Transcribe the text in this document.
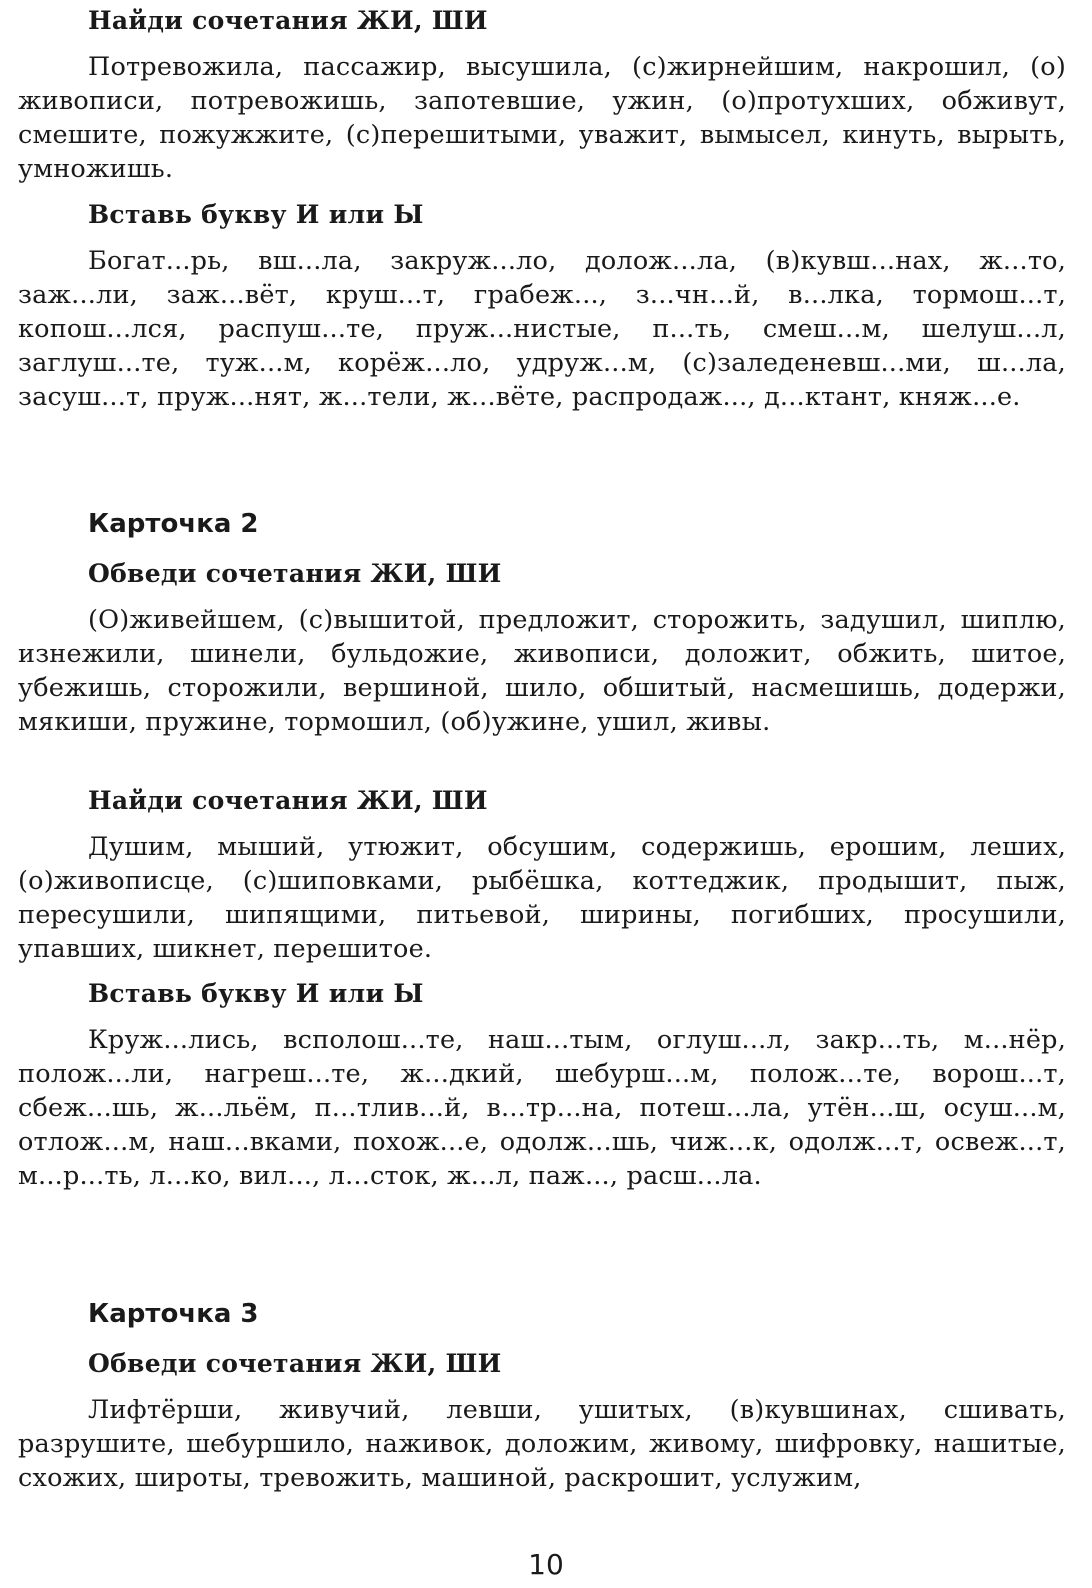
Найди сочетания ЖИ, ШИ

Потревожила, пассажир, высушила, (с)жирнейшим, накрошил, (о) живописи, потревожишь, запотевшие, ужин, (о)протухших, обживут, смешите, пожужжите, (с)перешитыми, уважит, вымысел, кинуть, вырыть, умножишь.

Вставь букву И или Ы

Богат...рь, вш...ла, закруж...ло, долож...ла, (в)кувш...нах, ж...то, заж...ли, заж...вёт, круш...т, грабеж..., з...чн...й, в...лка, тормош...т, копош...лся, распуш...те, пруж...нистые, п...ть, смеш...м, шелуш...л, заглуш...те, туж...м, корёж...ло, удруж...м, (с)заледеневш...ми, ш...ла, засуш...т, пруж...нят, ж...тели, ж...вёте, распродаж..., д...ктант, княж...е.

Карточка 2
Обведи сочетания ЖИ, ШИ

(О)живейшем, (с)вышитой, предложит, сторожить, задушил, шиплю, изнежили, шинели, бульдожие, живописи, доложит, обжить, шитое, убежишь, сторожили, вершиной, шило, обшитый, насмешишь, додержи, мякиши, пружине, тормошил, (об)ужине, ушил, живы.

Найди сочетания ЖИ, ШИ

Душим, мыший, утюжит, обсушим, содержишь, ерошим, леших, (о)живописце, (с)шиповками, рыбёшка, коттеджик, продышит, пыж, пересушили, шипящими, питьевой, ширины, погибших, просушили, упавших, шикнет, перешитое.

Вставь букву И или Ы

Круж...лись, вспoлош...те, наш...тым, оглуш...л, закр...ть, м...нёр, полож...ли, нагреш...те, ж...дкий, шебурш...м, полож...те, ворош...т, сбеж...шь, ж...льём, п...тлив...й, в...тр...на, потеш...ла, утён...ш, осуш...м, отлож...м, наш...вками, похож...е, одолж...шь, чиж...к, одолж...т, освеж...т, м...р...ть, л...ко, вил..., л...сток, ж...л, паж..., расш...ла.

Карточка 3
Обведи сочетания ЖИ, ШИ

Лифтёрши, живучий, левши, ушитых, (в)кувшинах, сшивать, разрушите, шебуршило, наживок, доложим, живому, шифровку, нашитые, схожих, широты, тревожить, машиной, раскрошит, услужим,

10
